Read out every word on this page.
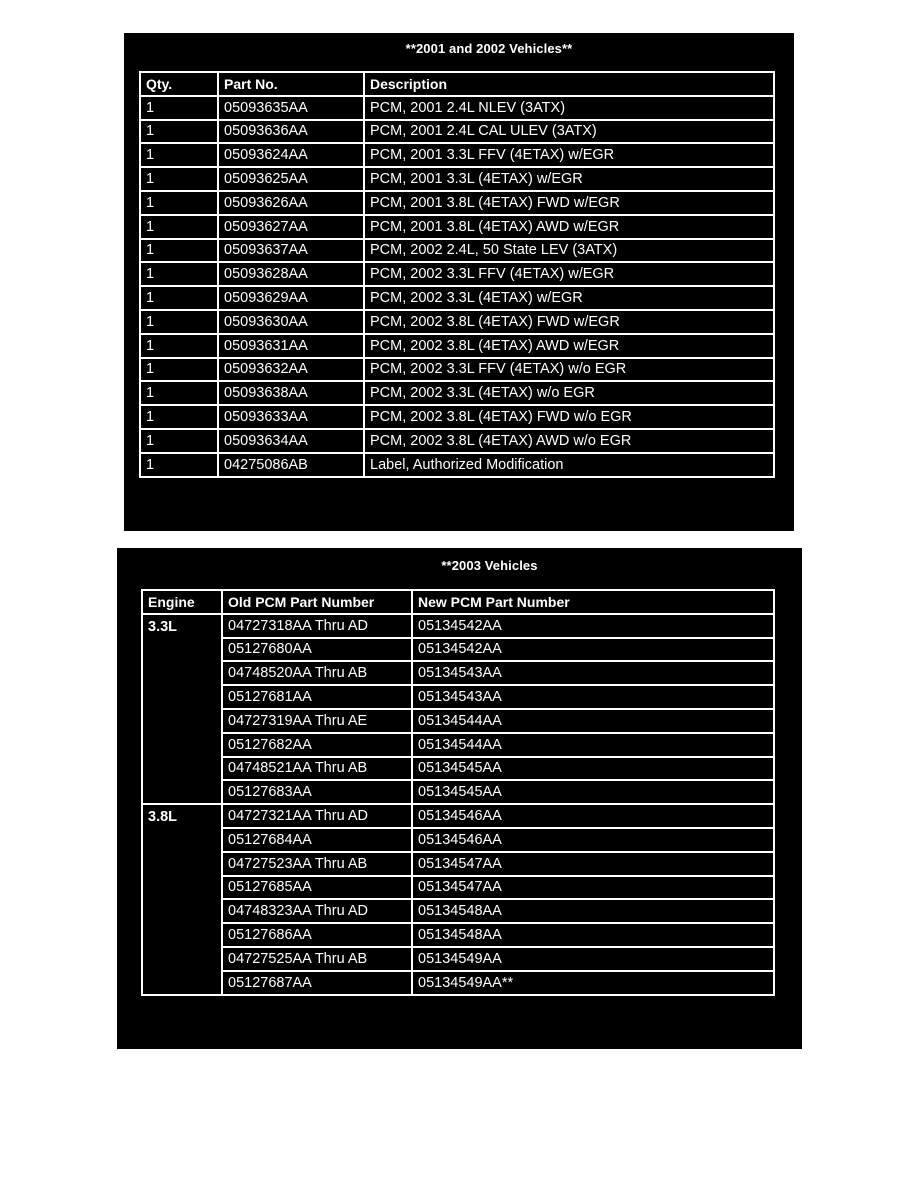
**2001 and 2002 Vehicles**
Qty.	Part No.	Description
1	05093635AA	PCM, 2001 2.4L NLEV (3ATX)
1	05093636AA	PCM, 2001 2.4L CAL ULEV (3ATX)
1	05093624AA	PCM, 2001 3.3L FFV (4ETAX) w/EGR
1	05093625AA	PCM, 2001 3.3L (4ETAX) w/EGR
1	05093626AA	PCM, 2001 3.8L (4ETAX) FWD w/EGR
1	05093627AA	PCM, 2001 3.8L (4ETAX) AWD w/EGR
1	05093637AA	PCM, 2002 2.4L, 50 State LEV (3ATX)
1	05093628AA	PCM, 2002 3.3L FFV (4ETAX) w/EGR
1	05093629AA	PCM, 2002 3.3L (4ETAX) w/EGR
1	05093630AA	PCM, 2002 3.8L (4ETAX) FWD w/EGR
1	05093631AA	PCM, 2002 3.8L (4ETAX) AWD w/EGR
1	05093632AA	PCM, 2002 3.3L FFV (4ETAX) w/o EGR
1	05093638AA	PCM, 2002 3.3L (4ETAX) w/o EGR
1	05093633AA	PCM, 2002 3.8L (4ETAX) FWD w/o EGR
1	05093634AA	PCM, 2002 3.8L (4ETAX) AWD w/o EGR
1	04275086AB	Label, Authorized Modification
**2003 Vehicles
Engine	Old PCM Part Number	New PCM Part Number
3.3L	04727318AA Thru AD	05134542AA
	05127680AA	05134542AA
	04748520AA Thru AB	05134543AA
	05127681AA	05134543AA
	04727319AA Thru AE	05134544AA
	05127682AA	05134544AA
	04748521AA Thru AB	05134545AA
	05127683AA	05134545AA
3.8L	04727321AA Thru AD	05134546AA
	05127684AA	05134546AA
	04727523AA Thru AB	05134547AA
	05127685AA	05134547AA
	04748323AA Thru AD	05134548AA
	05127686AA	05134548AA
	04727525AA Thru AB	05134549AA
	05127687AA	05134549AA**
